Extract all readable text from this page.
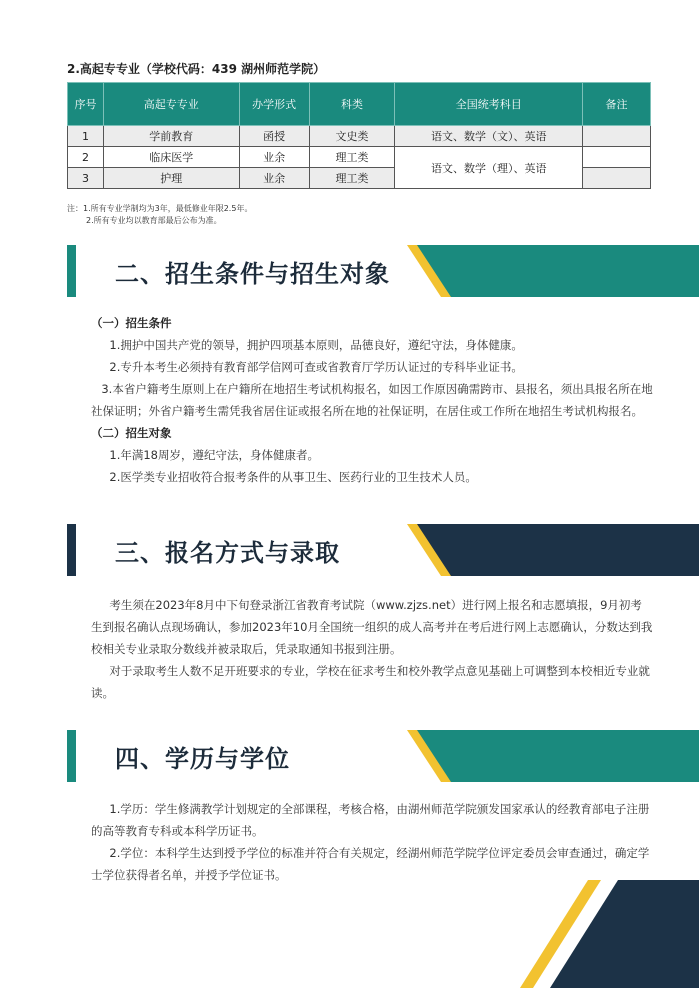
2.高起专专业（学校代码：439 湖州师范学院）
序号	高起专专业	办学形式	科类	全国统考科目	备注
1	学前教育	函授	文史类	语文、数学（文）、英语	
2	临床医学	业余	理工类	语文、数学（理）、英语	
3	护理	业余	理工类		
注：1.所有专业学制均为3年，最低修业年限2.5年。
2.所有专业均以教育部最后公布为准。
二、招生条件与招生对象

（一）招生条件

1.拥护中国共产党的领导，拥护四项基本原则，品德良好，遵纪守法，身体健康。

2.专升本考生必须持有教育部学信网可查或省教育厅学历认证过的专科毕业证书。

3.本省户籍考生原则上在户籍所在地招生考试机构报名，如因工作原因确需跨市、县报名，须出具报名所在地社保证明；外省户籍考生需凭我省居住证或报名所在地的社保证明，在居住或工作所在地招生考试机构报名。

（二）招生对象

1.年满18周岁，遵纪守法，身体健康者。

2.医学类专业招收符合报考条件的从事卫生、医药行业的卫生技术人员。

三、报名方式与录取

考生须在2023年8月中下旬登录浙江省教育考试院（www.zjzs.net）进行网上报名和志愿填报，9月初考生到报名确认点现场确认，参加2023年10月全国统一组织的成人高考并在考后进行网上志愿确认，分数达到我校相关专业录取分数线并被录取后，凭录取通知书报到注册。

对于录取考生人数不足开班要求的专业，学校在征求考生和校外教学点意见基础上可调整到本校相近专业就读。

四、学历与学位

1.学历：学生修满教学计划规定的全部课程，考核合格，由湖州师范学院颁发国家承认的经教育部电子注册的高等教育专科或本科学历证书。

2.学位：本科学生达到授予学位的标准并符合有关规定，经湖州师范学院学位评定委员会审查通过，确定学士学位获得者名单，并授予学位证书。
